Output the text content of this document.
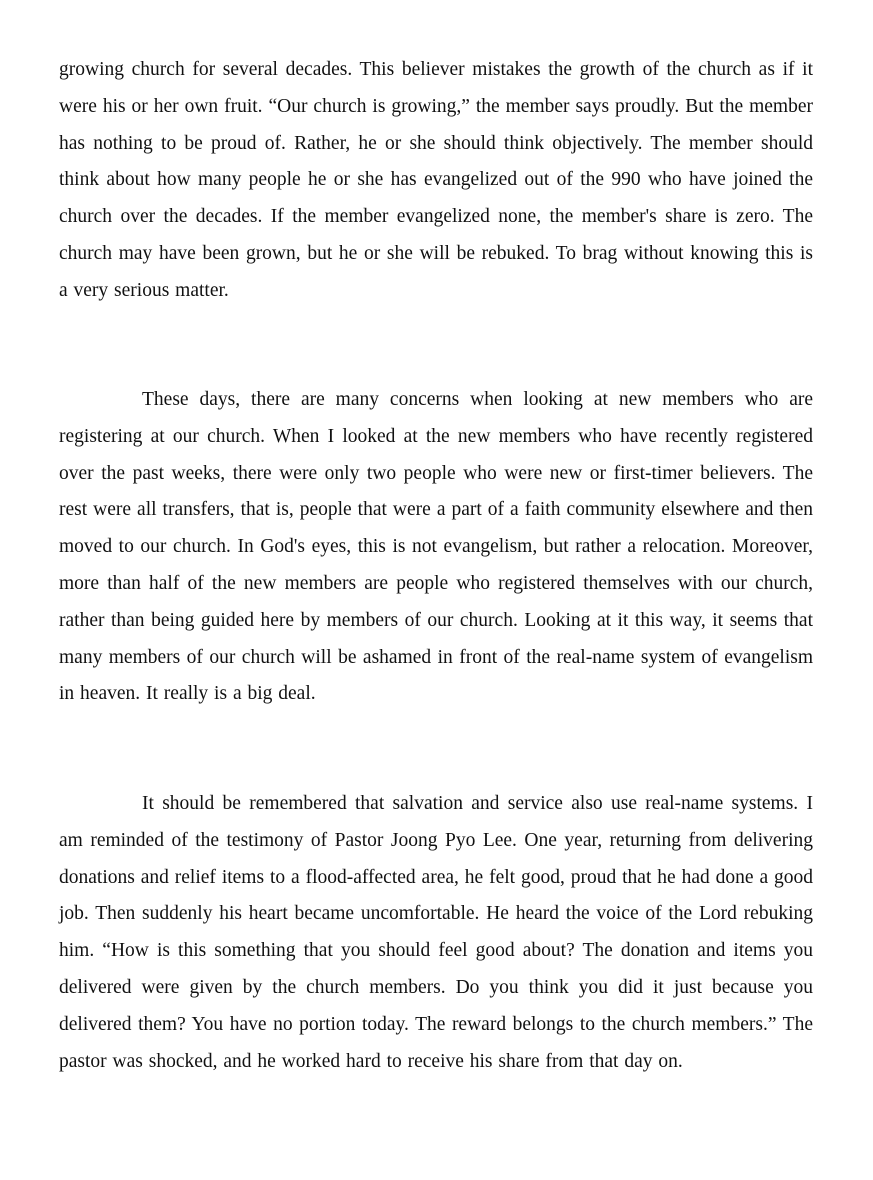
growing church for several decades. This believer mistakes the growth of the church as if it were his or her own fruit. “Our church is growing,” the member says proudly. But the member has nothing to be proud of. Rather, he or she should think objectively. The member should think about how many people he or she has evangelized out of the 990 who have joined the church over the decades. If the member evangelized none, the member's share is zero. The church may have been grown, but he or she will be rebuked. To brag without knowing this is a very serious matter.

These days, there are many concerns when looking at new members who are registering at our church. When I looked at the new members who have recently registered over the past weeks, there were only two people who were new or first-timer believers. The rest were all transfers, that is, people that were a part of a faith community elsewhere and then moved to our church. In God's eyes, this is not evangelism, but rather a relocation. Moreover, more than half of the new members are people who registered themselves with our church, rather than being guided here by members of our church. Looking at it this way, it seems that many members of our church will be ashamed in front of the real-name system of evangelism in heaven. It really is a big deal.

It should be remembered that salvation and service also use real-name systems. I am reminded of the testimony of Pastor Joong Pyo Lee. One year, returning from delivering donations and relief items to a flood-affected area, he felt good, proud that he had done a good job. Then suddenly his heart became uncomfortable. He heard the voice of the Lord rebuking him. “How is this something that you should feel good about? The donation and items you delivered were given by the church members. Do you think you did it just because you delivered them? You have no portion today. The reward belongs to the church members.” The pastor was shocked, and he worked hard to receive his share from that day on.
